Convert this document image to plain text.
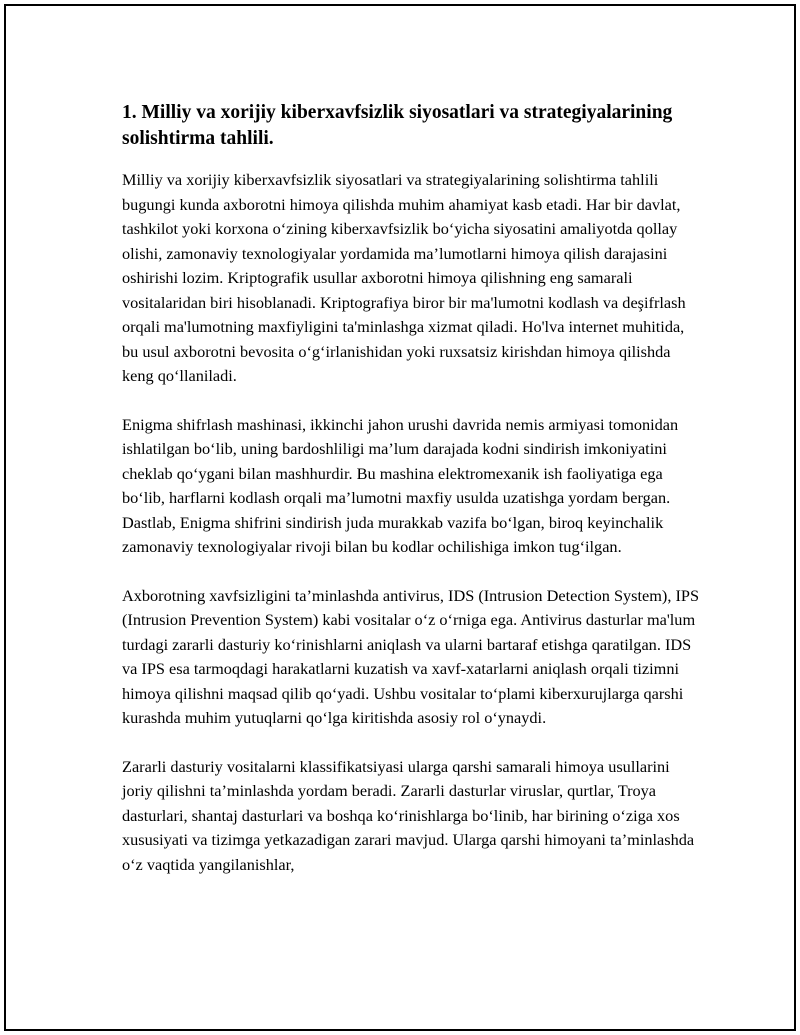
1. Milliy va xorijiy kiberxavfsizlik siyosatlari va strategiyalarining solishtirma tahlili.

Milliy va xorijiy kiberxavfsizlik siyosatlari va strategiyalarining solishtirma tahlili bugungi kunda axborotni himoya qilishda muhim ahamiyat kasb etadi. Har bir davlat, tashkilot yoki korxona o‘zining kiberxavfsizlik bo‘yicha siyosatini amaliyotda qollay olishi, zamonaviy texnologiyalar yordamida ma’lumotlarni himoya qilish darajasini oshirishi lozim. Kriptografik usullar axborotni himoya qilishning eng samarali vositalaridan biri hisoblanadi. Kriptografiya biror bir ma'lumotni kodlash va deşifrlash orqali ma'lumotning maxfiyligini ta'minlashga xizmat qiladi. Ho'lva internet muhitida, bu usul axborotni bevosita o‘g‘irlanishidan yoki ruxsatsiz kirishdan himoya qilishda keng qo‘llaniladi.

Enigma shifrlash mashinasi, ikkinchi jahon urushi davrida nemis armiyasi tomonidan ishlatilgan bo‘lib, uning bardoshliligi ma’lum darajada kodni sindirish imkoniyatini cheklab qo‘ygani bilan mashhurdir. Bu mashina elektromexanik ish faoliyatiga ega bo‘lib, harflarni kodlash orqali ma’lumotni maxfiy usulda uzatishga yordam bergan. Dastlab, Enigma shifrini sindirish juda murakkab vazifa bo‘lgan, biroq keyinchalik zamonaviy texnologiyalar rivoji bilan bu kodlar ochilishiga imkon tug‘ilgan.

Axborotning xavfsizligini ta’minlashda antivirus, IDS (Intrusion Detection System), IPS (Intrusion Prevention System) kabi vositalar o‘z o‘rniga ega. Antivirus dasturlar ma'lum turdagi zararli dasturiy ko‘rinishlarni aniqlash va ularni bartaraf etishga qaratilgan. IDS va IPS esa tarmoqdagi harakatlarni kuzatish va xavf-xatarlarni aniqlash orqali tizimni himoya qilishni maqsad qilib qo‘yadi. Ushbu vositalar to‘plami kiberxurujlarga qarshi kurashda muhim yutuqlarni qo‘lga kiritishda asosiy rol o‘ynaydi.

Zararli dasturiy vositalarni klassifikatsiyasi ularga qarshi samarali himoya usullarini joriy qilishni ta’minlashda yordam beradi. Zararli dasturlar viruslar, qurtlar, Troya dasturlari, shantaj dasturlari va boshqa ko‘rinishlarga bo‘linib, har birining o‘ziga xos xususiyati va tizimga yetkazadigan zarari mavjud. Ularga qarshi himoyani ta’minlashda o‘z vaqtida yangilanishlar,
